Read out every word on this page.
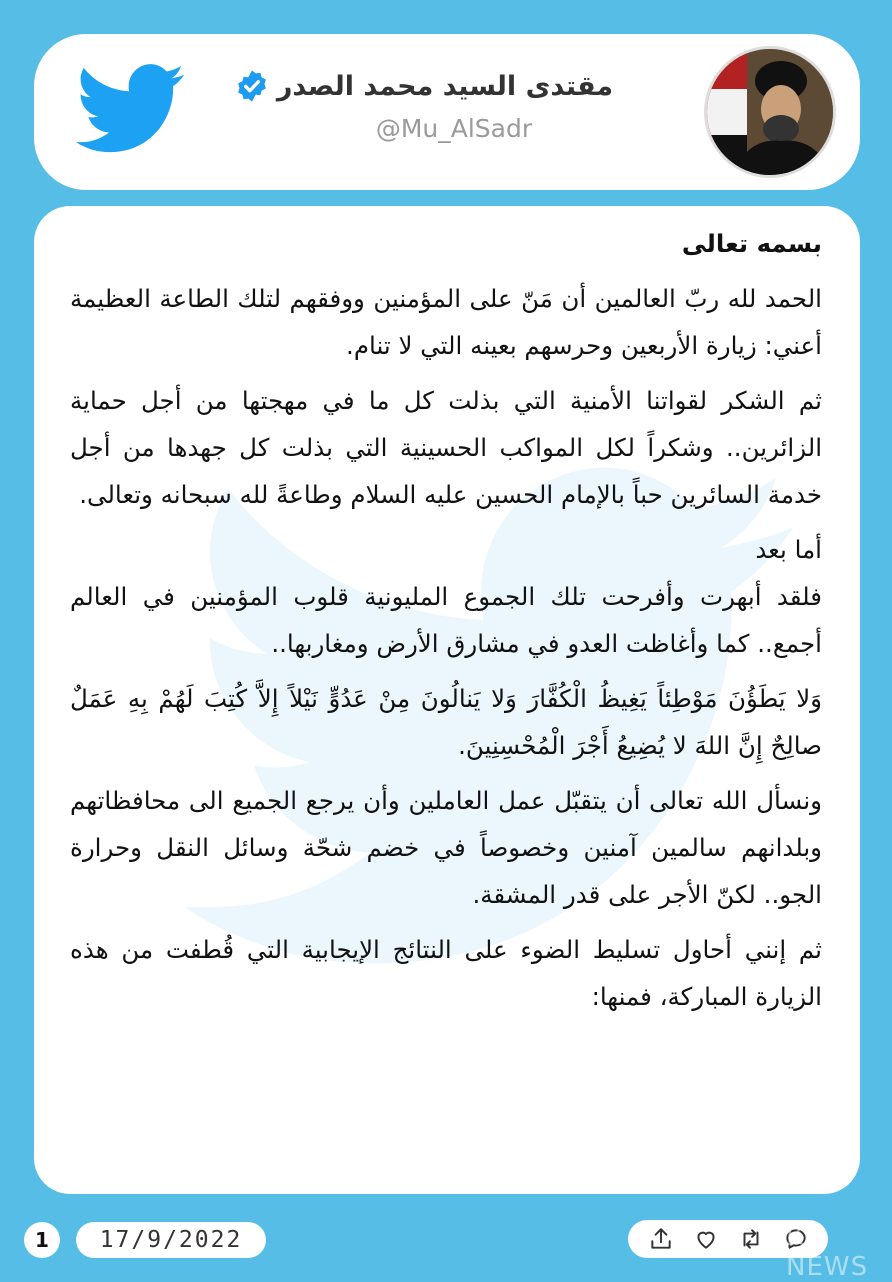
مقتدى السيد محمد الصدر
@Mu_AlSadr

بسمه تعالى

الحمد لله ربّ العالمين أن مَنّ على المؤمنين ووفقهم لتلك الطاعة العظيمة أعني: زيارة الأربعين وحرسهم بعينه التي لا تنام.

ثم الشكر لقواتنا الأمنية التي بذلت كل ما في مهجتها من أجل حماية الزائرين.. وشكراً لكل المواكب الحسينية التي بذلت كل جهدها من أجل خدمة السائرين حباً بالإمام الحسين عليه السلام وطاعةً لله سبحانه وتعالى.

أما بعد

فلقد أبهرت وأفرحت تلك الجموع المليونية قلوب المؤمنين في العالم أجمع.. كما وأغاظت العدو في مشارق الأرض ومغاربها..

وَلا يَطَؤُنَ مَوْطِئاً يَغِيظُ الْكُفَّارَ وَلا يَنالُونَ مِنْ عَدُوٍّ نَيْلاً إِلاَّ كُتِبَ لَهُمْ بِهِ عَمَلٌ صالِحٌ إِنَّ اللهَ لا يُضِيعُ أَجْرَ الْمُحْسِنِينَ.

ونسأل الله تعالى أن يتقبّل عمل العاملين وأن يرجع الجميع الى محافظاتهم وبلدانهم سالمين آمنين وخصوصاً في خضم شحّة وسائل النقل وحرارة الجو.. لكنّ الأجر على قدر المشقة.

ثم إنني أحاول تسليط الضوء على النتائج الإيجابية التي قُطفت من هذه الزيارة المباركة، فمنها:

1	17/9/2022	IQ NEWS
